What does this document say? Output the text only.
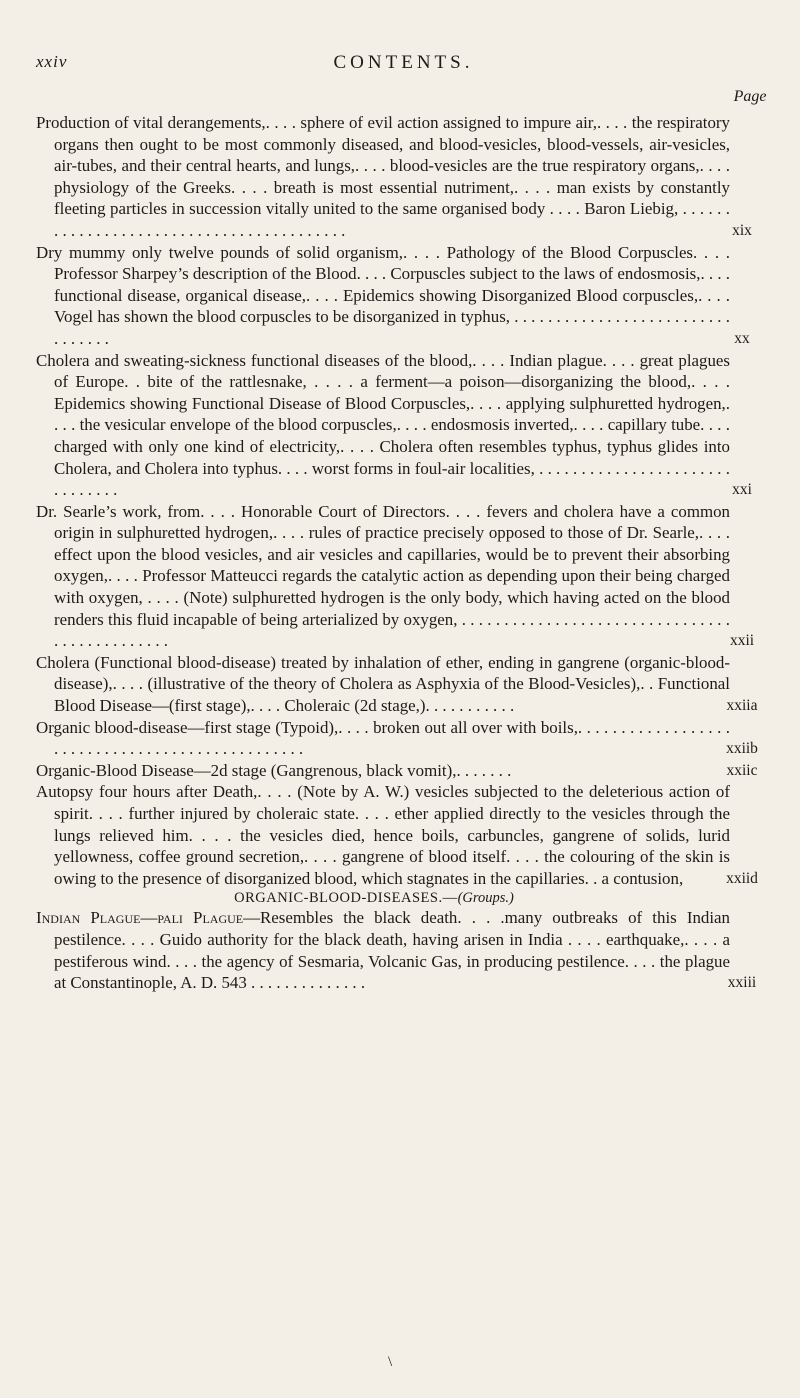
xxiv	CONTENTS.
Page
Production of vital derangements,. . . . sphere of evil action assigned to impure air,. . . . the respiratory organs then ought to be most commonly diseased, and blood-vesicles, blood-vessels, air-vesicles, air-tubes, and their central hearts, and lungs,. . . . blood-vesicles are the true respiratory organs,. . . . physiology of the Greeks. . . . breath is most essential nutriment,. . . . man exists by constantly fleeting particles in succession vitally united to the same organised body . . . . Baron Liebig, . . . . . . . . . . . . . . . . . . . . . . . . . . . . . . . . . . . . . . . . .	xix
Dry mummy only twelve pounds of solid organism,. . . . Pathology of the Blood Corpuscles. . . . Professor Sharpey’s description of the Blood. . . . Corpuscles subject to the laws of endosmosis,. . . . functional disease, organical disease,. . . . Epidemics showing Disorganized Blood corpuscles,. . . . Vogel has shown the blood corpuscles to be disorganized in typhus, . . . . . . . . . . . . . . . . . . . . . . . . . . . . . . . . .	xx
Cholera and sweating-sickness functional diseases of the blood,. . . . Indian plague. . . . great plagues of Europe. . bite of the rattlesnake, . . . . a ferment—a poison—disorganizing the blood,. . . . Epidemics showing Functional Disease of Blood Corpuscles,. . . . applying sulphuretted hydrogen,. . . . the vesicular envelope of the blood corpuscles,. . . . endosmosis inverted,. . . . capillary tube. . . . charged with only one kind of electricity,. . . . Cholera often resembles typhus, typhus glides into Cholera, and Cholera into typhus. . . . worst forms in foul-air localities, . . . . . . . . . . . . . . . . . . . . . . . . . . . . . . .	xxi
Dr. Searle’s work, from. . . . Honorable Court of Directors. . . . fevers and cholera have a common origin in sulphuretted hydrogen,. . . . rules of practice precisely opposed to those of Dr. Searle,. . . . effect upon the blood vesicles, and air vesicles and capillaries, would be to prevent their absorbing oxygen,. . . . Professor Matteucci regards the catalytic action as depending upon their being charged with oxygen, . . . . (Note) sulphuretted hydrogen is the only body, which having acted on the blood renders this fluid incapable of being arterialized by oxygen, . . . . . . . . . . . . . . . . . . . . . . . . . . . . . . . . . . . . . . . . . . . . . .	xxii
Cholera (Functional blood-disease) treated by inhalation of ether, ending in gangrene (organic-blood-disease),. . . . (illustrative of the theory of Cholera as Asphyxia of the Blood-Vesicles),. . Functional Blood Disease—(first stage),. . . . Choleraic (2d stage,). . . . . . . . . . .	xxiia
Organic blood-disease—first stage (Typoid),. . . . broken out all over with boils,. . . . . . . . . . . . . . . . . . . . . . . . . . . . . . . . . . . . . . . . . . . . . . . .	xxiib
Organic-Blood Disease—2d stage (Gangrenous, black vomit),. . . . . . .	xxiic
Autopsy four hours after Death,. . . . (Note by A. W.) vesicles subjected to the deleterious action of spirit. . . . further injured by choleraic state. . . . ether applied directly to the vesicles through the lungs relieved him. . . . the vesicles died, hence boils, carbuncles, gangrene of solids, lurid yellowness, coffee ground secretion,. . . . gangrene of blood itself. . . . the colouring of the skin is owing to the presence of disorganized blood, which stagnates in the capillaries. . a contusion,	xxiid
ORGANIC-BLOOD-DISEASES.—(Groups.)
Indian Plague—pali Plague—Resembles the black death. . . .many outbreaks of this Indian pestilence. . . . Guido authority for the black death, having arisen in India . . . . earthquake,. . . . a pestiferous wind. . . . the agency of Sesmaria, Volcanic Gas, in producing pestilence. . . . the plague at Constantinople, A. D. 543 . . . . . . . . . . . . . .	xxiii
\
